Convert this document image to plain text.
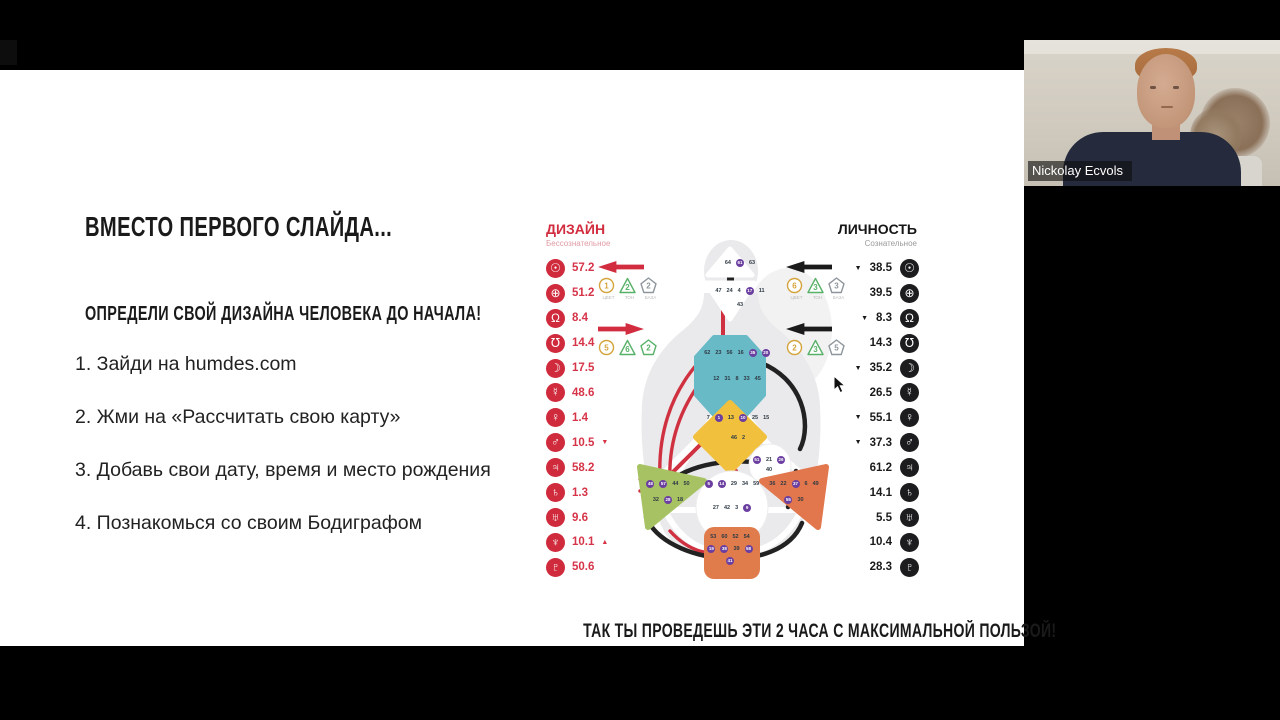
ВМЕСТО ПЕРВОГО СЛАЙДА...
ОПРЕДЕЛИ СВОЙ ДИЗАЙНА ЧЕЛОВЕКА ДО НАЧАЛА!
1. Зайди на humdes.com
2. Жми на «Рассчитать свою карту»
3. Добавь свои дату, время и место рождения
4. Познакомься со своим Бодиграфом
ТАК ТЫ ПРОВЕДЕШЬ ЭТИ 2 ЧАСА С МАКСИМАЛЬНОЙ ПОЛЬЗОЙ!
ДИЗАЙН
Бессознательное
ЛИЧНОСТЬ
Сознательное
☉ 57.2
⊕ 51.2
Ω	8.4
℧	14.4
☽ 17.5
☿	48.6
♀	1.4
♂	10.5 ▼
♃	58.2
♄	1.3
♅	9.6
♆	10.1 ▲
♇	50.6
▼ 38.5	☉
39.5	⊕
▼ 8.3	Ω
14.3	℧
▼ 35.2	☽
26.5	☿
▼ 55.1	♀
▼ 37.3	♂
61.2	♃
14.1	♄
5.5	♅
10.4	♆
28.3	♇
1 2 2
ЦВЕТ	ТОН	БАЗА
5 6 2
6 3 3
ЦВЕТ	ТОН	БАЗА
2 3 5
64	61 63
47 24 4	17 11
43
62 23 56 16	35	20
12 31 8 33 45
7	1	13	10 25 15
46 2
51 21	26
40
5	14 29 34 59
27 42 3	9
48	57 44 50
32	28 18
36 22	37 6 49
55 30
53 60 52 54
19	38 39	58
41
Nickolay Ecvols
